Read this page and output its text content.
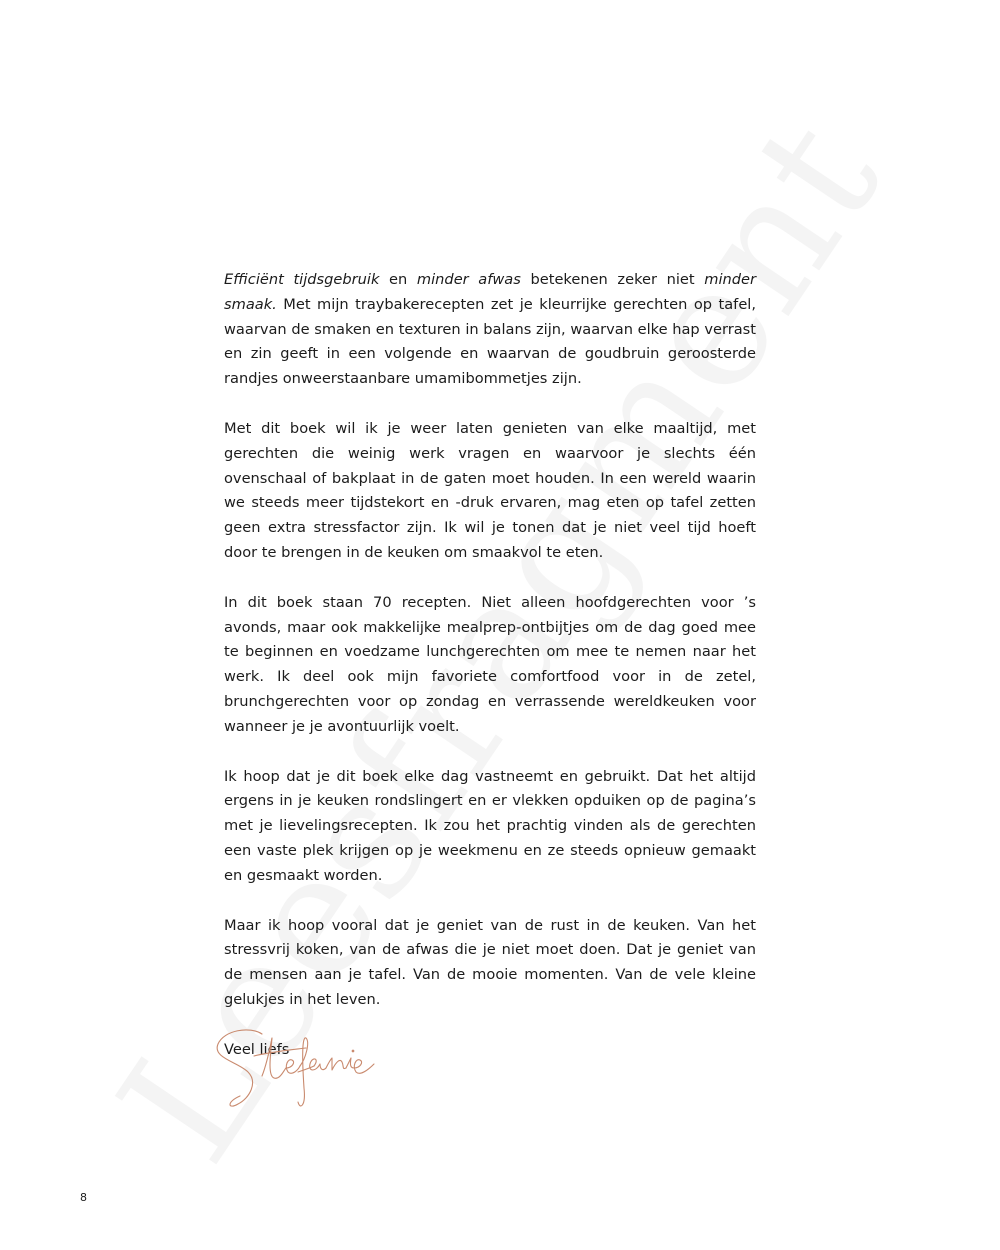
Efficiënt tijdsgebruik en minder afwas betekenen zeker niet minder smaak. Met mijn traybakerecepten zet je kleurrijke gerechten op tafel, waarvan de smaken en texturen in balans zijn, waarvan elke hap verrast en zin geeft in een volgende en waarvan de goudbruin geroosterde randjes onweerstaanbare umamibommetjes zijn.

Met dit boek wil ik je weer laten genieten van elke maaltijd, met gerechten die weinig werk vragen en waarvoor je slechts één ovenschaal of bakplaat in de gaten moet houden. In een wereld waarin we steeds meer tijdstekort en -druk ervaren, mag eten op tafel zetten geen extra stressfactor zijn. Ik wil je tonen dat je niet veel tijd hoeft door te brengen in de keuken om smaakvol te eten.

In dit boek staan 70 recepten. Niet alleen hoofdgerechten voor ’s avonds, maar ook makkelijke mealprep-ontbijtjes om de dag goed mee te beginnen en voedzame lunchgerechten om mee te nemen naar het werk. Ik deel ook mijn favoriete comfortfood voor in de zetel, brunchgerechten voor op zondag en verrassende wereldkeuken voor wanneer je je avontuurlijk voelt.

Ik hoop dat je dit boek elke dag vastneemt en gebruikt. Dat het altijd ergens in je keuken rondslingert en er vlekken opduiken op de pagina’s met je lievelingsrecepten. Ik zou het prachtig vinden als de gerechten een vaste plek krijgen op je weekmenu en ze steeds opnieuw gemaakt en gesmaakt worden.

Maar ik hoop vooral dat je geniet van de rust in de keuken. Van het stressvrij koken, van de afwas die je niet moet doen. Dat je geniet van de mensen aan je tafel. Van de mooie momenten. Van de vele kleine gelukjes in het leven.

Veel liefs

8
